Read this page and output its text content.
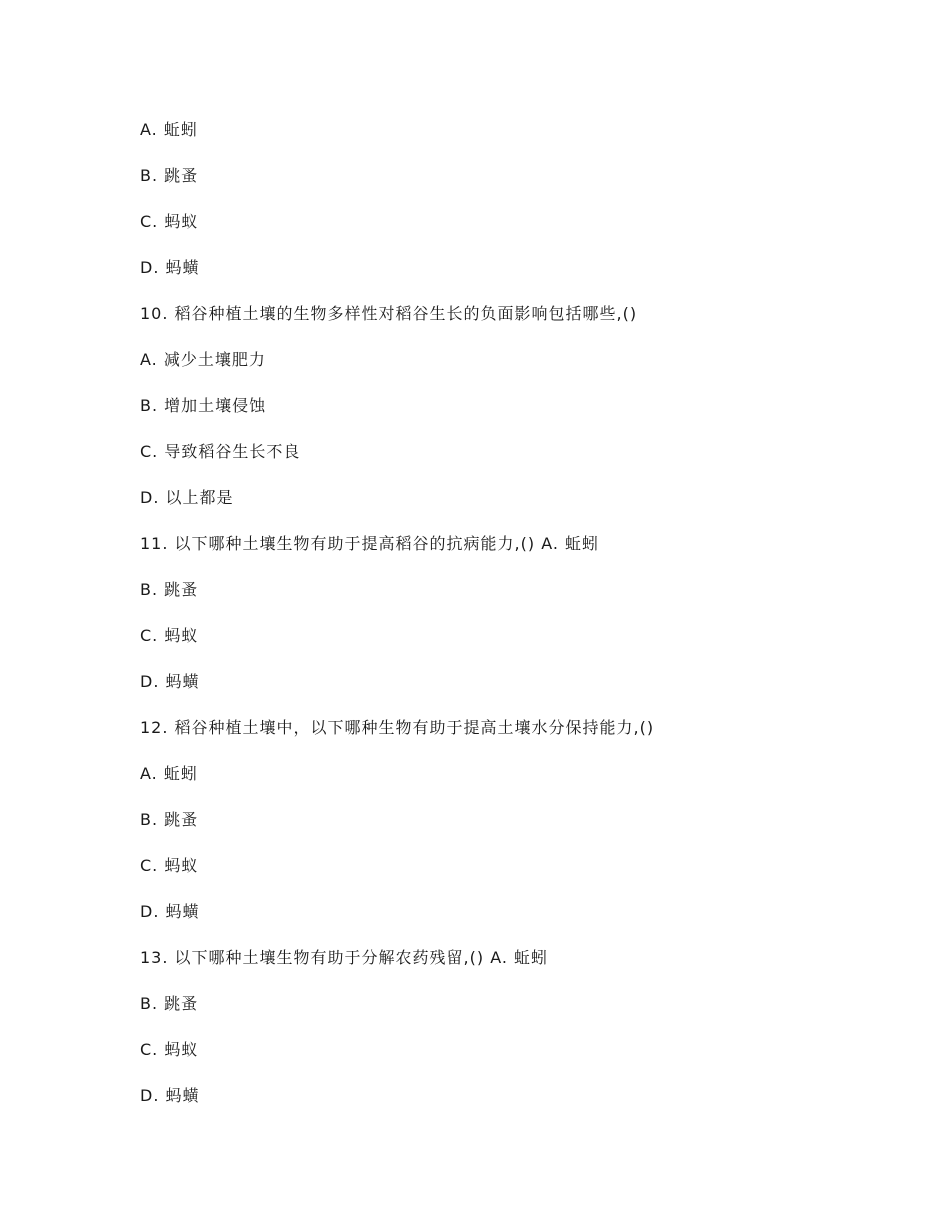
A. 蚯蚓
B. 跳蚤
C. 蚂蚁
D. 蚂蟥
10. 稻谷种植土壤的生物多样性对稻谷生长的负面影响包括哪些,()
A. 减少土壤肥力
B. 增加土壤侵蚀
C. 导致稻谷生长不良
D. 以上都是
11. 以下哪种土壤生物有助于提高稻谷的抗病能力,() A. 蚯蚓
B. 跳蚤
C. 蚂蚁
D. 蚂蟥
12. 稻谷种植土壤中，以下哪种生物有助于提高土壤水分保持能力,()
A. 蚯蚓
B. 跳蚤
C. 蚂蚁
D. 蚂蟥
13. 以下哪种土壤生物有助于分解农药残留,() A. 蚯蚓
B. 跳蚤
C. 蚂蚁
D. 蚂蟥
